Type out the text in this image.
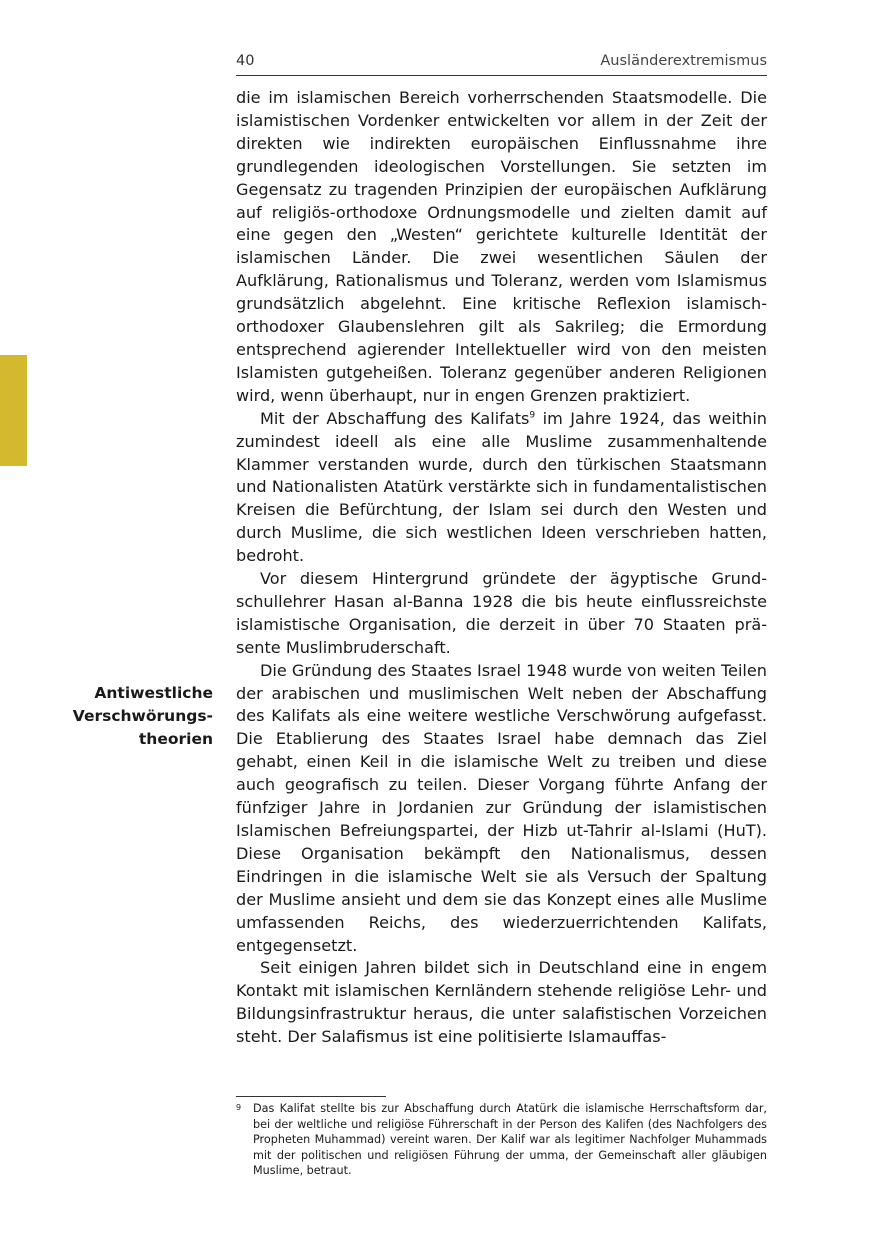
40	Ausländerextremismus
Antiwestliche Verschwörungs-theorien

die im islamischen Bereich vorherrschenden Staatsmodelle. Die islamistischen Vordenker entwickelten vor allem in der Zeit der direkten wie indirekten europäischen Einflussnahme ihre grundlegenden ideologischen Vorstellungen. Sie setzten im Gegensatz zu tragenden Prinzipien der europäischen Aufklärung auf religiös-orthodoxe Ordnungsmodelle und zielten damit auf eine gegen den „Westen“ gerichtete kulturelle Identität der islamischen Länder. Die zwei wesentlichen Säulen der Aufklärung, Rationalismus und Toleranz, werden vom Islamismus grundsätzlich abgelehnt. Eine kritische Reflexion islamisch-orthodoxer Glaubenslehren gilt als Sakrileg; die Ermordung entsprechend agierender Intellektueller wird von den meisten Islamisten gutgeheißen. Toleranz gegenüber anderen Religionen wird, wenn überhaupt, nur in engen Grenzen praktiziert.

Mit der Abschaffung des Kalifats$^9$ im Jahre 1924, das weithin zumindest ideell als eine alle Muslime zusammenhaltende Klammer verstanden wurde, durch den türkischen Staatsmann und Nationalisten Atatürk verstärkte sich in fundamentalistischen Kreisen die Befürchtung, der Islam sei durch den Westen und durch Muslime, die sich westlichen Ideen verschrieben hatten, bedroht.

Vor diesem Hintergrund gründete der ägyptische Grundschullehrer Hasan al-Banna 1928 die bis heute einflussreichste islamistische Organisation, die derzeit in über 70 Staaten präsente Muslimbruderschaft.

Die Gründung des Staates Israel 1948 wurde von weiten Teilen der arabischen und muslimischen Welt neben der Abschaffung des Kalifats als eine weitere westliche Verschwörung aufgefasst. Die Etablierung des Staates Israel habe demnach das Ziel gehabt, einen Keil in die islamische Welt zu treiben und diese auch geografisch zu teilen. Dieser Vorgang führte Anfang der fünfziger Jahre in Jordanien zur Gründung der islamistischen Islamischen Befreiungspartei, der Hizb ut-Tahrir al-Islami (HuT). Diese Organisation bekämpft den Nationalismus, dessen Eindringen in die islamische Welt sie als Versuch der Spaltung der Muslime ansieht und dem sie das Konzept eines alle Muslime umfassenden Reichs, des wiederzuerrichtenden Kalifats, entgegensetzt.

Seit einigen Jahren bildet sich in Deutschland eine in engem Kontakt mit islamischen Kernländern stehende religiöse Lehr- und Bildungsinfrastruktur heraus, die unter salafistischen Vorzeichen steht. Der Salafismus ist eine politisierte Islamauffas-

9 Das Kalifat stellte bis zur Abschaffung durch Atatürk die islamische Herrschaftsform dar, bei der weltliche und religiöse Führerschaft in der Person des Kalifen (des Nachfolgers des Propheten Muhammad) vereint waren. Der Kalif war als legitimer Nachfolger Muhammads mit der politischen und religiösen Führung der umma, der Gemeinschaft aller gläubigen Muslime, betraut.
